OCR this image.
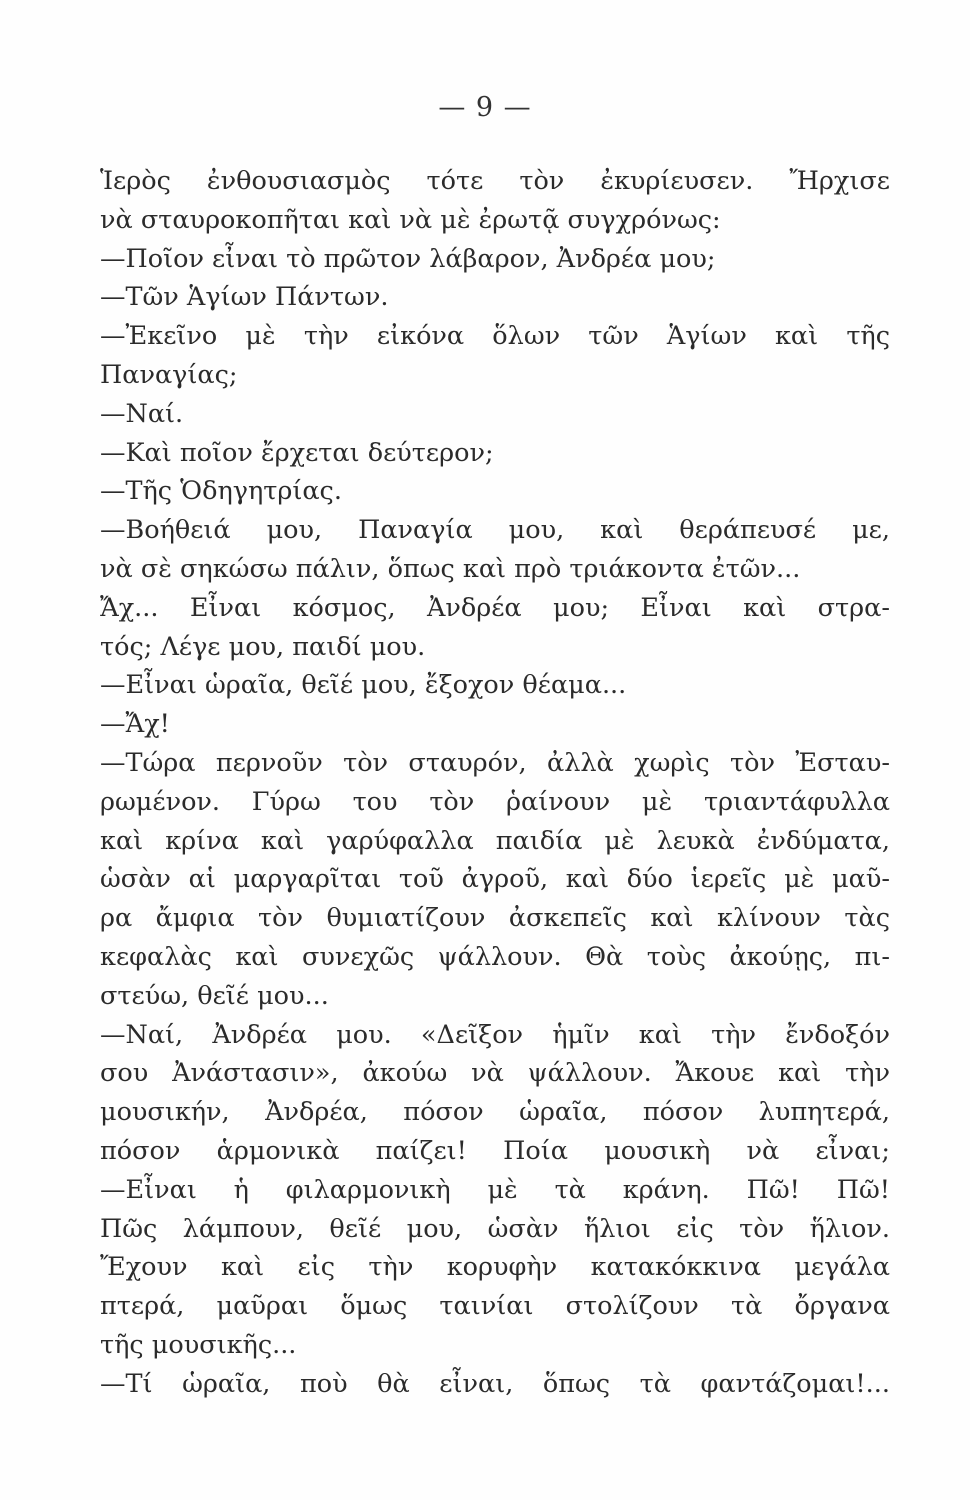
— 9 —
Ἱερὸς ἐνθουσιασμὸς τότε τὸν ἐκυρίευσεν. Ἤρχισε
νὰ σταυροκοπῆται καὶ νὰ μὲ ἐρωτᾷ συγχρόνως:
—Ποῖον εἶναι τὸ πρῶτον λάβαρον, Ἀνδρέα μου;
—Τῶν Ἁγίων Πάντων.
—Ἐκεῖνο μὲ τὴν εἰκόνα ὅλων τῶν Ἁγίων καὶ τῆς
Παναγίας;
—Ναί.
—Καὶ ποῖον ἔρχεται δεύτερον;
—Τῆς Ὁδηγητρίας.
—Βοήθειά μου, Παναγία μου, καὶ θεράπευσέ με,
νὰ σὲ σηκώσω πάλιν, ὅπως καὶ πρὸ τριάκοντα ἐτῶν...
Ἄχ... Εἶναι κόσμος, Ἀνδρέα μου; Εἶναι καὶ στρα-
τός; Λέγε μου, παιδί μου.
—Εἶναι ὡραῖα, θεῖέ μου, ἔξοχον θέαμα...
—Ἄχ!
—Τώρα περνοῦν τὸν σταυρόν, ἀλλὰ χωρὶς τὸν Ἐσταυ-
ρωμένον. Γύρω του τὸν ῥαίνουν μὲ τριαντάφυλλα
καὶ κρίνα καὶ γαρύφαλλα παιδία μὲ λευκὰ ἐνδύματα,
ὡσὰν αἱ μαργαρῖται τοῦ ἀγροῦ, καὶ δύο ἱερεῖς μὲ μαῦ-
ρα ἄμφια τὸν θυμιατίζουν ἀσκεπεῖς καὶ κλίνουν τὰς
κεφαλὰς καὶ συνεχῶς ψάλλουν. Θὰ τοὺς ἀκούῃς, πι-
στεύω, θεῖέ μου...
—Ναί, Ἀνδρέα μου. «Δεῖξον ἡμῖν καὶ τὴν ἔνδοξόν
σου Ἀνάστασιν», ἀκούω νὰ ψάλλουν. Ἄκουε καὶ τὴν
μουσικήν, Ἀνδρέα, πόσον ὡραῖα, πόσον λυπητερά,
πόσον ἁρμονικὰ παίζει! Ποία μουσικὴ νὰ εἶναι;
—Εἶναι ἡ φιλαρμονικὴ μὲ τὰ κράνη. Πῶ! Πῶ!
Πῶς λάμπουν, θεῖέ μου, ὡσὰν ἥλιοι εἰς τὸν ἥλιον.
Ἔχουν καὶ εἰς τὴν κορυφὴν κατακόκκινα μεγάλα
πτερά, μαῦραι ὅμως ταινίαι στολίζουν τὰ ὄργανα
τῆς μουσικῆς...
—Τί ὡραῖα, ποὺ θὰ εἶναι, ὅπως τὰ φαντάζομαι!...
